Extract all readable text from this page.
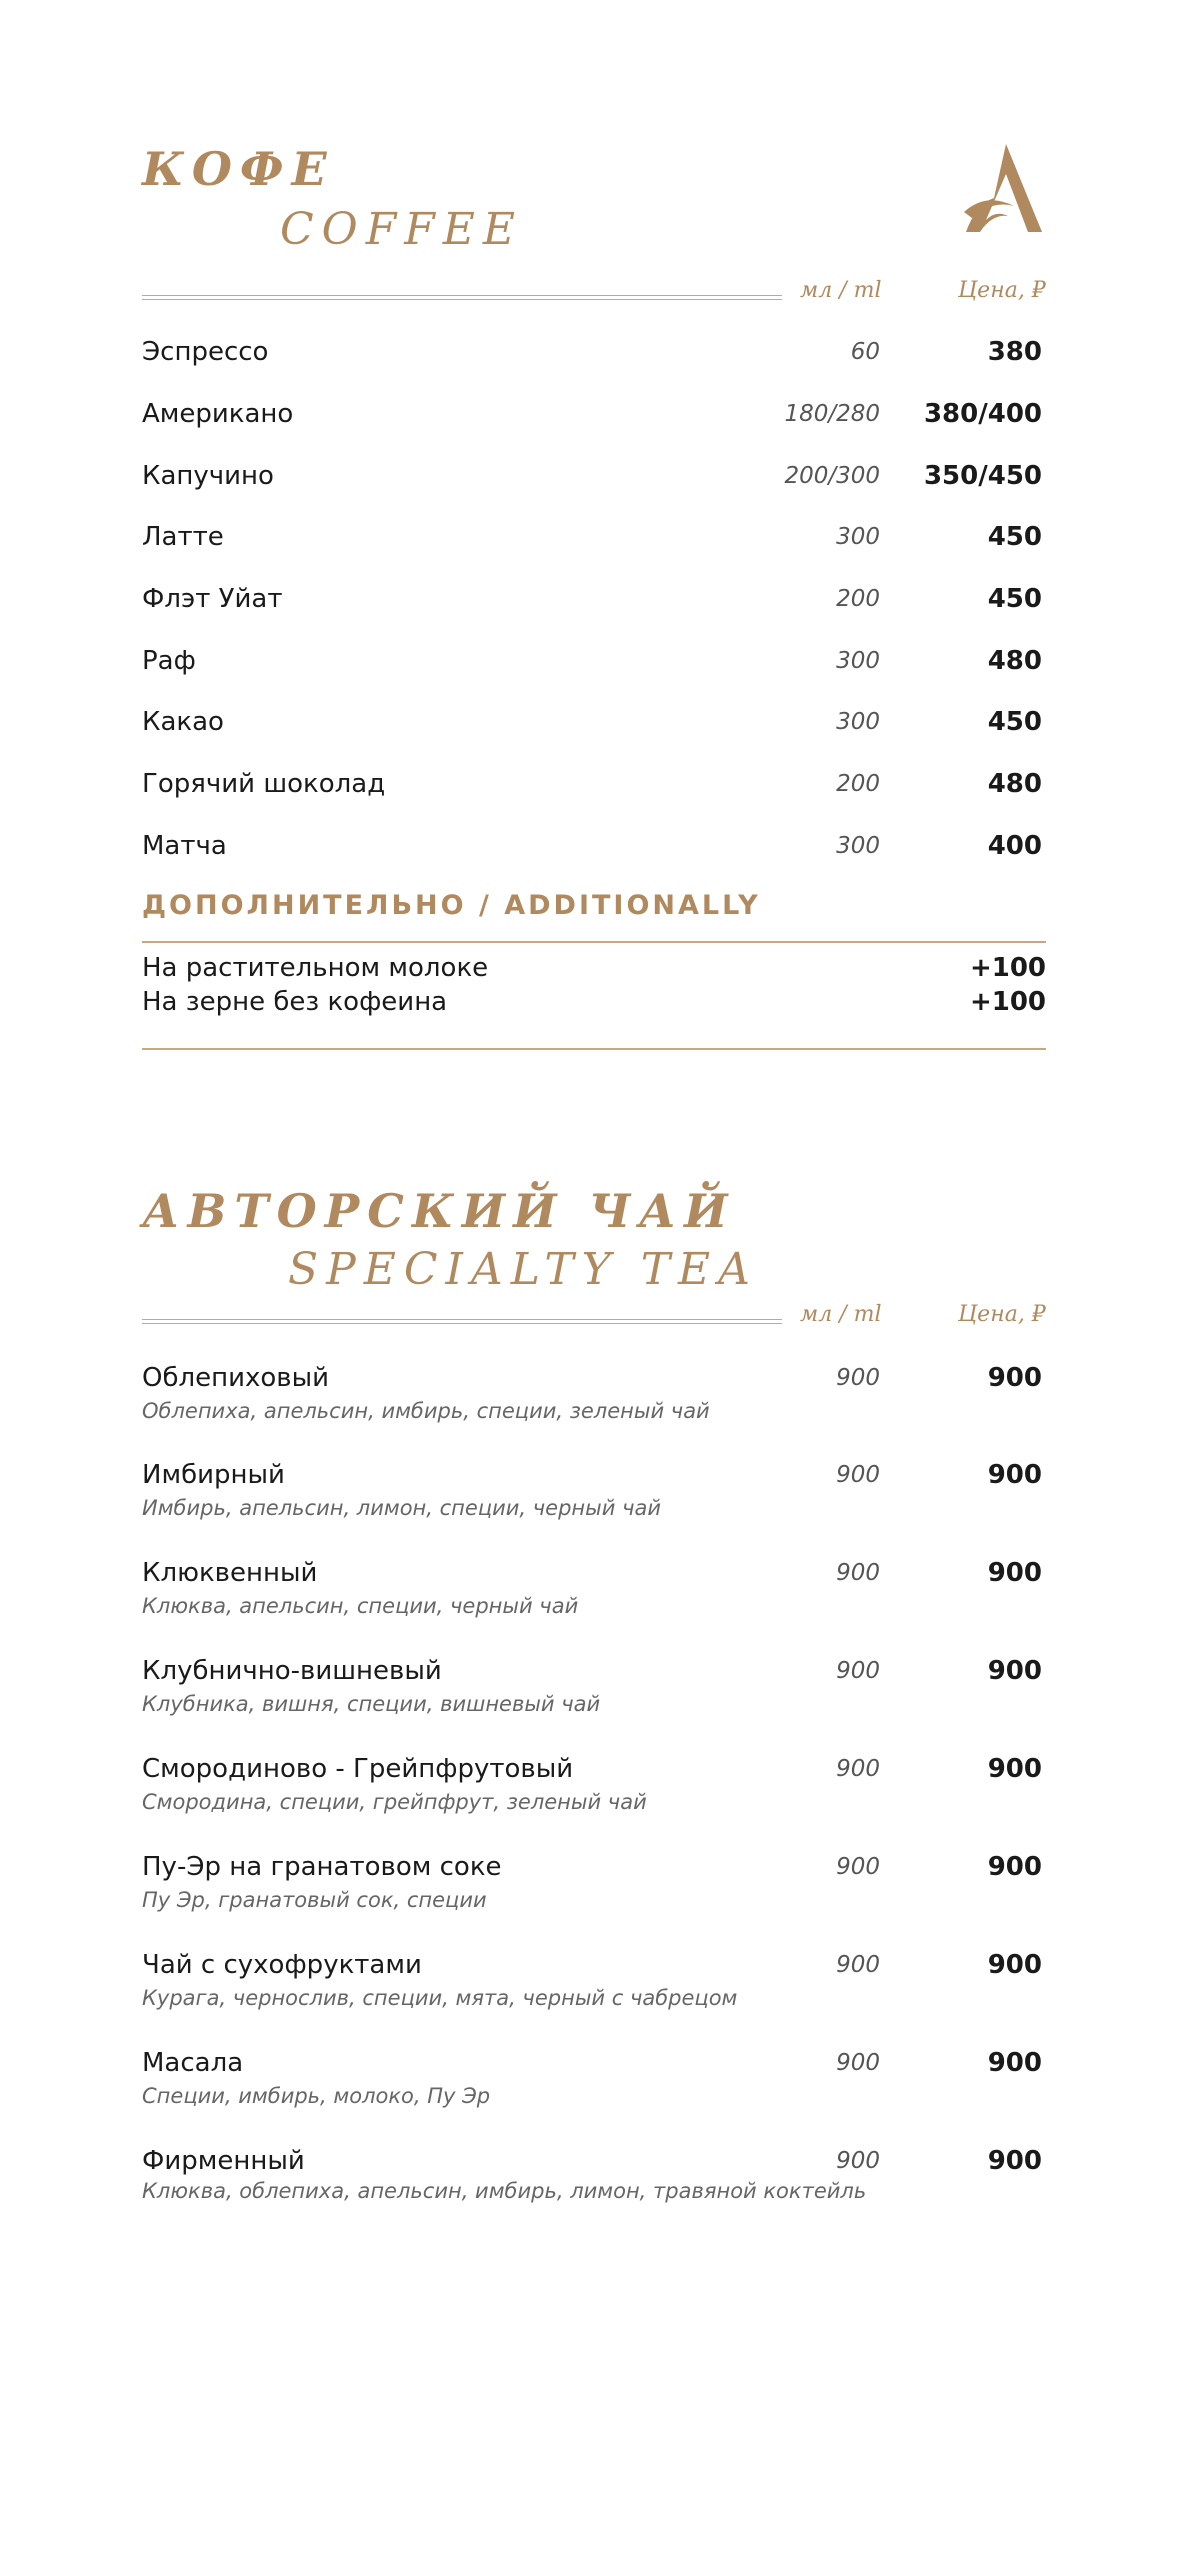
КОФЕ
COFFEE
мл / ml	Цена, ₽
Эспрессо	60	380
Американо	180/280 380/400
Капучино	200/300 350/450
Латте	300	450
Флэт Уйат	200	450
Раф	300	480
Какао	300	450
Горячий шоколад	200	480
Матча	300	400
ДОПОЛНИТЕЛЬНО / ADDITIONALLY
На растительном молоке	+100
На зерне без кофеина	+100
АВТОРСКИЙ ЧАЙ
SPECIALTY TEA
мл / ml	Цена, ₽
Облепиховый	900	900
Облепиха, апельсин, имбирь, специи, зеленый чай
Имбирный	900	900
Имбирь, апельсин, лимон, специи, черный чай
Клюквенный	900	900
Клюква, апельсин, специи, черный чай
Клубнично-вишневый	900	900
Клубника, вишня, специи, вишневый чай
Смородиново - Грейпфрутовый	900	900
Смородина, специи, грейпфрут, зеленый чай
Пу-Эр на гранатовом соке	900	900
Пу Эр, гранатовый сок, специи
Чай с сухофруктами	900	900
Курага, чернослив, специи, мята, черный с чабрецом
Масала	900	900
Специи, имбирь, молоко, Пу Эр
Фирменный	900	900
Клюква, облепиха, апельсин, имбирь, лимон, травяной коктейль
